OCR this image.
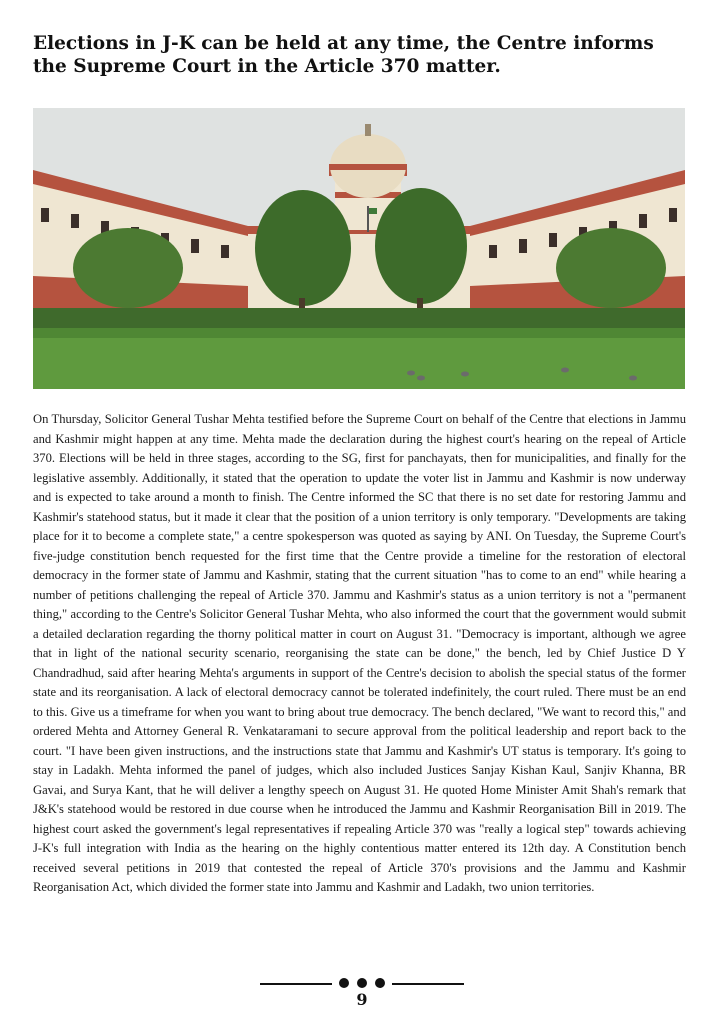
Elections in J-K can be held at any time, the Centre informs
the Supreme Court in the Article 370 matter.

On Thursday, Solicitor General Tushar Mehta testified before the Supreme Court on behalf of the Centre that elections in Jammu and Kashmir might happen at any time. Mehta made the declaration during the highest court's hearing on the repeal of Article 370. Elections will be held in three stages, according to the SG, first for panchayats, then for municipalities, and finally for the legislative assembly. Additionally, it stated that the operation to update the voter list in Jammu and Kashmir is now underway and is expected to take around a month to finish. The Centre informed the SC that there is no set date for restoring Jammu and Kashmir's statehood status, but it made it clear that the position of a union territory is only temporary. "Developments are taking place for it to become a complete state," a centre spokesperson was quoted as saying by ANI. On Tuesday, the Supreme Court's five-judge constitution bench requested for the first time that the Centre provide a timeline for the restoration of electoral democracy in the former state of Jammu and Kashmir, stating that the current situation "has to come to an end" while hearing a number of petitions challenging the repeal of Article 370. Jammu and Kashmir's status as a union territory is not a "permanent thing," according to the Centre's Solicitor General Tushar Mehta, who also informed the court that the government would submit a detailed declaration regarding the thorny political matter in court on August 31. "Democracy is important, although we agree that in light of the national security scenario, reorganising the state can be done," the bench, led by Chief Justice D Y Chandradhud, said after hearing Mehta's arguments in support of the Centre's decision to abolish the special status of the former state and its reorganisation. A lack of electoral democracy cannot be tolerated indefinitely, the court ruled. There must be an end to this. Give us a timeframe for when you want to bring about true democracy. The bench declared, "We want to record this," and ordered Mehta and Attorney General R. Venkataramani to secure approval from the political leadership and report back to the court. "I have been given instructions, and the instructions state that Jammu and Kashmir's UT status is temporary. It's going to stay in Ladakh. Mehta informed the panel of judges, which also included Justices Sanjay Kishan Kaul, Sanjiv Khanna, BR Gavai, and Surya Kant, that he will deliver a lengthy speech on August 31. He quoted Home Minister Amit Shah's remark that J&K's statehood would be restored in due course when he introduced the Jammu and Kashmir Reorganisation Bill in 2019. The highest court asked the government's legal representatives if repealing Article 370 was "really a logical step" towards achieving J-K's full integration with India as the hearing on the highly contentious matter entered its 12th day. A Constitution bench received several petitions in 2019 that contested the repeal of Article 370's provisions and the Jammu and Kashmir Reorganisation Act, which divided the former state into Jammu and Kashmir and Ladakh, two union territories.

9
